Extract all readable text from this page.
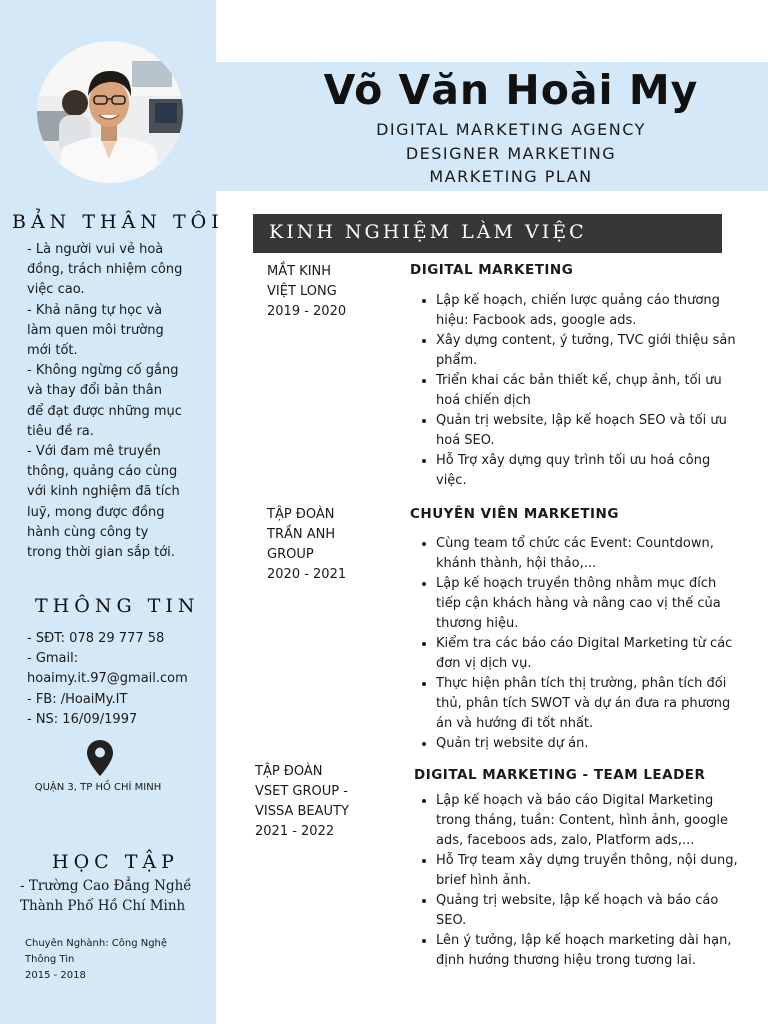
Võ Văn Hoài My
DIGITAL MARKETING AGENCY
DESIGNER MARKETING
MARKETING PLAN
BẢN THÂN TÔI
- Là người vui vẻ hoà
đồng, trách nhiệm công
việc cao.
- Khả năng tự học và
làm quen môi trường
mới tốt.
- Không ngừng cố gắng
và thay đổi bản thân
để đạt được những mục
tiêu đề ra.
- Với đam mê truyền
thông, quảng cáo cùng
với kinh nghiệm đã tích
luỹ, mong được đồng
hành cùng công ty
trong thời gian sắp tới.
THÔNG TIN
- SĐT: 078 29 777 58
- Gmail:
hoaimy.it.97@gmail.com
- FB: /HoaiMy.IT
- NS: 16/09/1997
QUẬN 3, TP HỒ CHÍ MINH
HỌC TẬP
- Trường Cao Đẳng Nghề
Thành Phố Hồ Chí Minh
Chuyên Nghành: Công Nghệ
Thông Tin
2015 - 2018
KINH NGHIỆM LÀM VIỆC
MẮT KINH
VIỆT LONG
2019 - 2020
DIGITAL MARKETING
• Lập kế hoạch, chiến lược quảng cáo thương hiệu: Facbook ads, google ads.
• Xây dựng content, ý tưởng, TVC giới thiệu sản phẩm.
• Triển khai các bản thiết kế, chụp ảnh, tối ưu hoá chiến dịch
• Quản trị website, lập kế hoạch SEO và tối ưu hoá SEO.
• Hỗ Trợ xây dựng quy trình tối ưu hoá công việc.
TẬP ĐOÀN
TRẦN ANH
GROUP
2020 - 2021
CHUYÊN VIÊN MARKETING
• Cùng team tổ chức các Event: Countdown, khánh thành, hội thảo,...
• Lập kế hoạch truyền thông nhằm mục đích tiếp cận khách hàng và nâng cao vị thế của thương hiệu.
• Kiểm tra các báo cáo Digital Marketing từ các đơn vị dịch vụ.
• Thực hiện phân tích thị trường, phân tích đối thủ, phân tích SWOT và dự án đưa ra phương án và hướng đi tốt nhất.
• Quản trị website dự án.
TẬP ĐOÀN
VSET GROUP -
VISSA BEAUTY
2021 - 2022
DIGITAL MARKETING - TEAM LEADER
• Lập kế hoạch và báo cáo Digital Marketing trong tháng, tuần: Content, hình ảnh, google ads, faceboos ads, zalo, Platform ads,...
• Hỗ Trợ team xây dựng truyền thông, nội dung, brief hình ảnh.
• Quảng trị website, lập kế hoạch và báo cáo SEO.
• Lên ý tưởng, lập kế hoạch marketing dài hạn, định hướng thương hiệu trong tương lai.
